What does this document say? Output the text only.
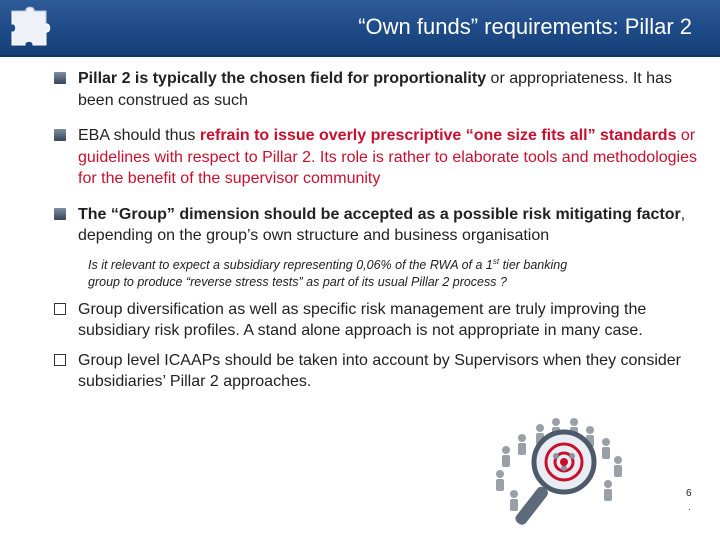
“Own funds” requirements: Pillar 2
Pillar 2 is typically the chosen field for proportionality or appropriateness. It has been construed as such
EBA should thus refrain to issue overly prescriptive “one size fits all” standards or guidelines with respect to Pillar 2. Its role is rather to elaborate tools and methodologies for the benefit of the supervisor community
The “Group” dimension should be accepted as a possible risk mitigating factor, depending on the group’s own structure and business organisation
Is it relevant to expect a subsidiary representing 0,06% of the RWA of a 1st tier banking
group to produce “reverse stress tests” as part of its usual Pillar 2 process ?
Group diversification as well as specific risk management are truly improving the subsidiary risk profiles. A stand alone approach is not appropriate in many case.
Group level ICAAPs should be taken into account by Supervisors when they consider subsidiaries’ Pillar 2 approaches.
6
.
